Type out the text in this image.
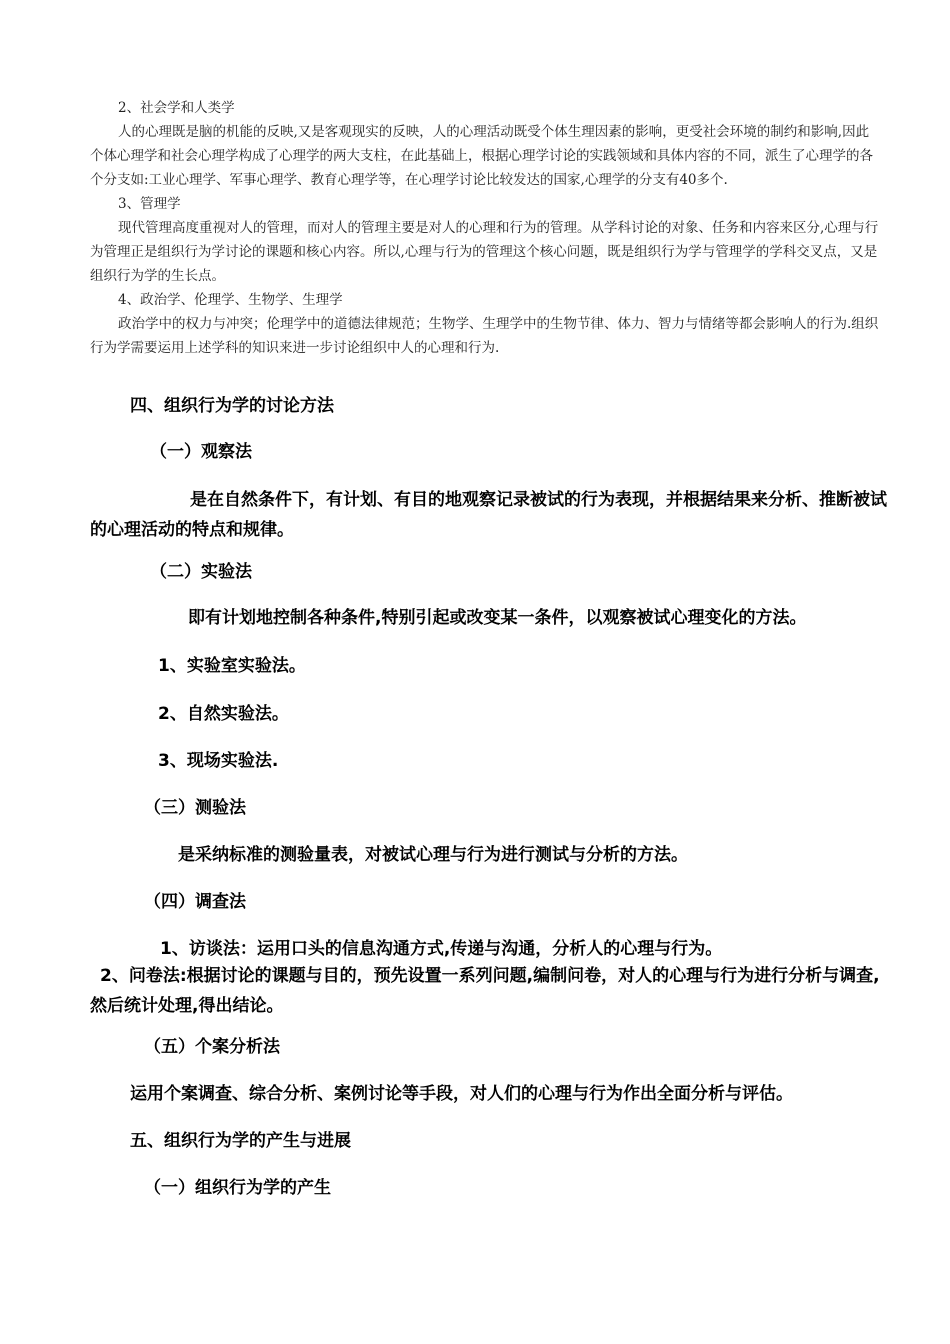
2、社会学和人类学

人的心理既是脑的机能的反映,又是客观现实的反映，人的心理活动既受个体生理因素的影响，更受社会环境的制约和影响,因此个体心理学和社会心理学构成了心理学的两大支柱，在此基础上，根据心理学讨论的实践领域和具体内容的不同，派生了心理学的各个分支如:工业心理学、军事心理学、教育心理学等，在心理学讨论比较发达的国家,心理学的分支有40多个.

3、管理学

现代管理高度重视对人的管理，而对人的管理主要是对人的心理和行为的管理。从学科讨论的对象、任务和内容来区分,心理与行为管理正是组织行为学讨论的课题和核心内容。所以,心理与行为的管理这个核心问题，既是组织行为学与管理学的学科交叉点，又是组织行为学的生长点。

4、政治学、伦理学、生物学、生理学

政治学中的权力与冲突；伦理学中的道德法律规范；生物学、生理学中的生物节律、体力、智力与情绪等都会影响人的行为.组织行为学需要运用上述学科的知识来进一步讨论组织中人的心理和行为.

四、组织行为学的讨论方法
（一）观察法
是在自然条件下，有计划、有目的地观察记录被试的行为表现，并根据结果来分析、推断被试的心理活动的特点和规律。
（二）实验法
即有计划地控制各种条件,特别引起或改变某一条件，以观察被试心理变化的方法。
1、实验室实验法。
2、自然实验法。
3、现场实验法.
（三）测验法
是采纳标准的测验量表，对被试心理与行为进行测试与分析的方法。
（四）调查法
1、访谈法：运用口头的信息沟通方式,传递与沟通，分析人的心理与行为。
2、问卷法:根据讨论的课题与目的，预先设置一系列问题,编制问卷，对人的心理与行为进行分析与调查,然后统计处理,得出结论。
（五）个案分析法
运用个案调查、综合分析、案例讨论等手段，对人们的心理与行为作出全面分析与评估。
五、组织行为学的产生与进展
（一）组织行为学的产生
